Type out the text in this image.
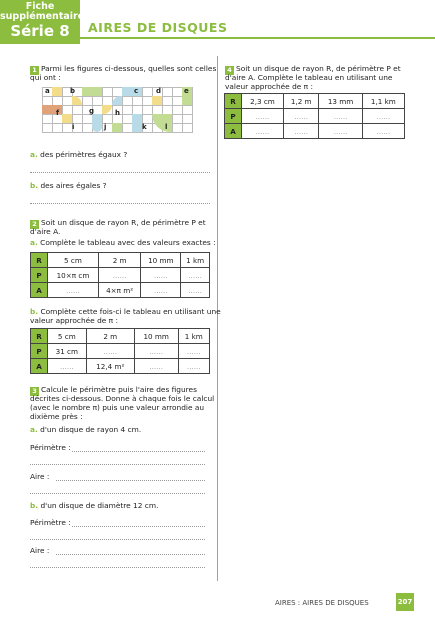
Fiche
supplémentaire
Série 8	AIRES DE DISQUES
1 Parmi les figures ci-dessous, quelles sont celles
qui ont :
a	b	c	d	e
f	g	h
i	j	k	l
a. des périmètres égaux ?
b. des aires égales ?
2 Soit un disque de rayon R, de périmètre P et
d'aire A.
a. Complète le tableau avec des valeurs exactes :
R	5 cm	2 m	10 mm	1 km
P	10×π cm	......	......	......
A	......	4×π m²	......	......
b. Complète cette fois-ci le tableau en utilisant une
valeur approchée de π :
R	5 cm	2 m	10 mm	1 km
P	31 cm	......	......	......
A	......	12,4 m²	......	......
3 Calcule le périmètre puis l'aire des figures
décrites ci-dessous. Donne à chaque fois le calcul
(avec le nombre π) puis une valeur arrondie au
dixième près :
a. d'un disque de rayon 4 cm.
Périmètre :
Aire :
b. d'un disque de diamètre 12 cm.
Périmètre :
Aire :
4 Soit un disque de rayon R, de périmètre P et
d'aire A. Complète le tableau en utilisant une
valeur approchée de π :
R	2,3 cm	1,2 m	13 mm	1,1 km
P	......	......	......	......
A	......	......	......	......
AIRES : AIRES DE DISQUES	207
